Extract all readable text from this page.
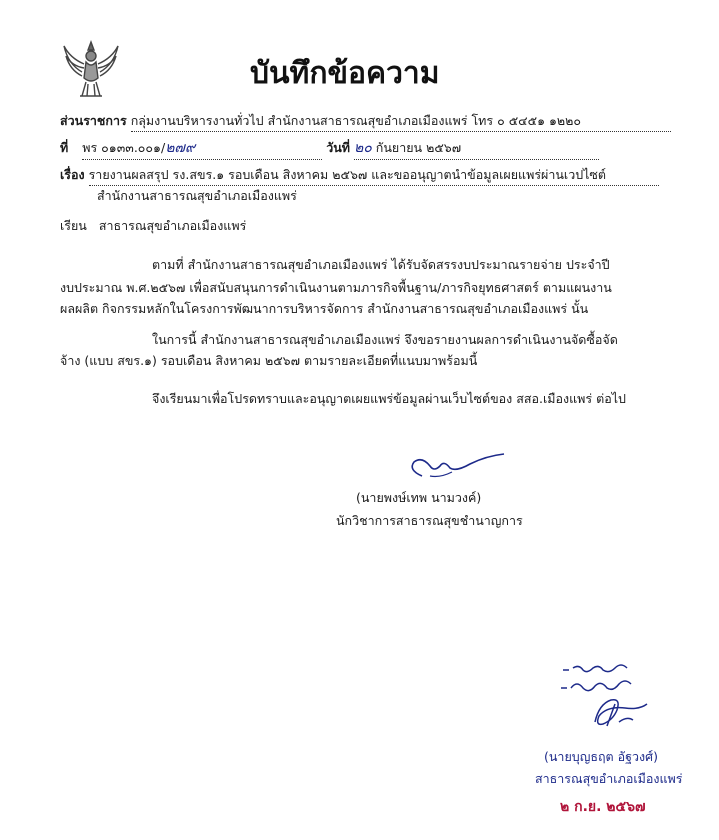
บันทึกข้อความ
ส่วนราชการ กลุ่มงานบริหารงานทั่วไป สำนักงานสาธารณสุขอำเภอเมืองแพร่ โทร ๐ ๕๔๕๑ ๑๒๒๐
ที่ พร ๐๑๓๓.๐๐๑/๒๗๙	วันที่ ๒๐ กันยายน ๒๕๖๗
เรื่อง รายงานผลสรุป รง.สขร.๑ รอบเดือน สิงหาคม ๒๕๖๗ และขออนุญาตนำข้อมูลเผยแพร่ผ่านเวปไซต์
สำนักงานสาธารณสุขอำเภอเมืองแพร่
เรียน สาธารณสุขอำเภอเมืองแพร่
ตามที่ สำนักงานสาธารณสุขอำเภอเมืองแพร่ ได้รับจัดสรรงบประมาณรายจ่าย ประจำปี
งบประมาณ พ.ศ.๒๕๖๗ เพื่อสนับสนุนการดำเนินงานตามภารกิจพื้นฐาน/ภารกิจยุทธศาสตร์ ตามแผนงาน
ผลผลิต กิจกรรมหลักในโครงการพัฒนาการบริหารจัดการ สำนักงานสาธารณสุขอำเภอเมืองแพร่ นั้น
ในการนี้ สำนักงานสาธารณสุขอำเภอเมืองแพร่ จึงขอรายงานผลการดำเนินงานจัดซื้อจัด
จ้าง (แบบ สขร.๑) รอบเดือน สิงหาคม ๒๕๖๗ ตามรายละเอียดที่แนบมาพร้อมนี้
จึงเรียนมาเพื่อโปรดทราบและอนุญาตเผยแพร่ข้อมูลผ่านเว็บไซต์ของ สสอ.เมืองแพร่ ต่อไป
(นายพงษ์เทพ นามวงค์)
นักวิชาการสาธารณสุขชำนาญการ
(นายบุญธฤต อัฐวงศ์)
สาธารณสุขอำเภอเมืองแพร่
๒ ก.ย. ๒๕๖๗
